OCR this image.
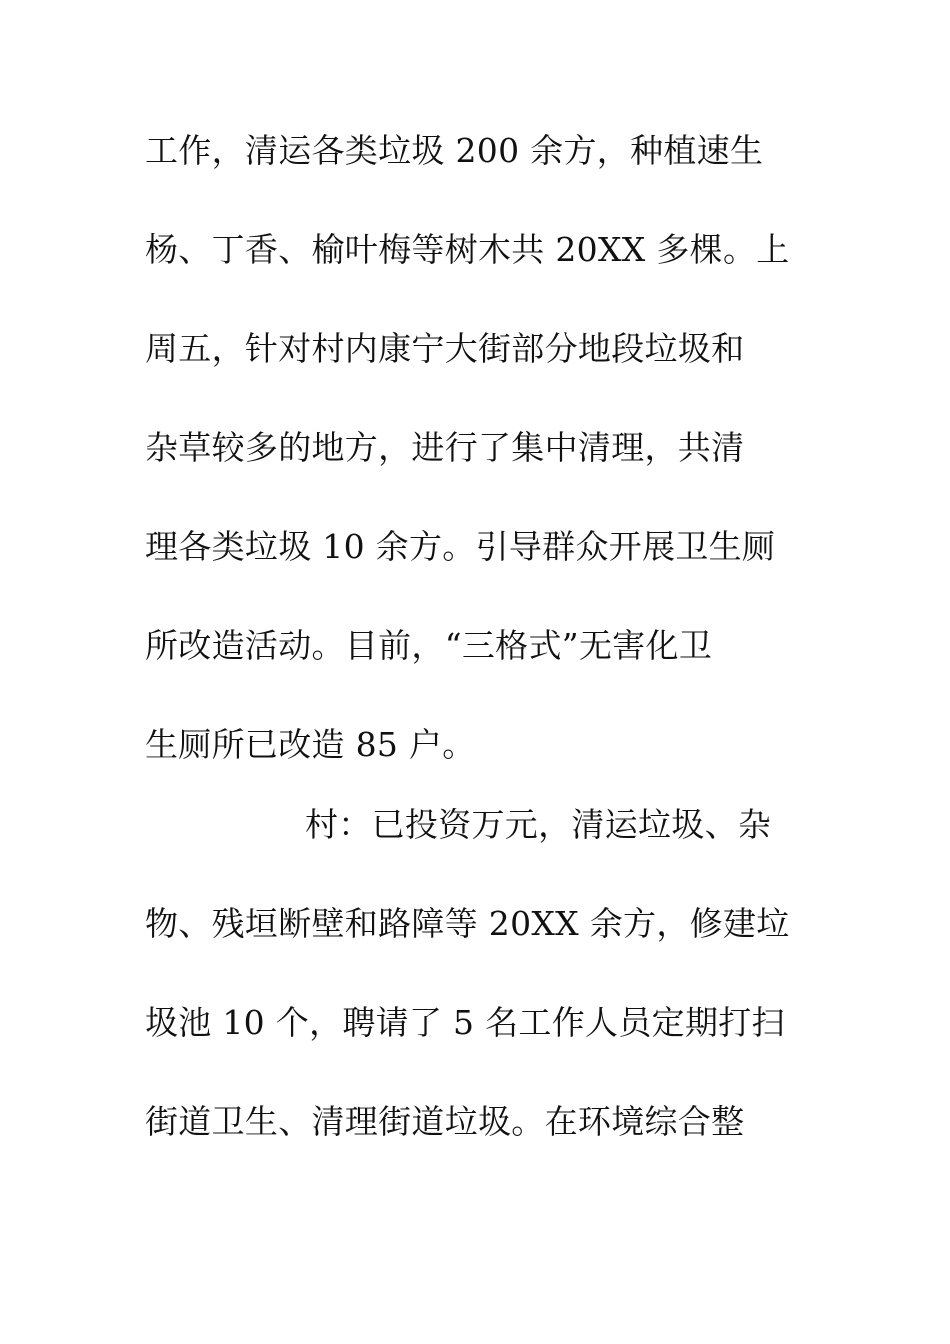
工作，清运各类垃圾 200 余方，种植速生
杨、丁香、榆叶梅等树木共 20XX 多棵。上
周五，针对村内康宁大街部分地段垃圾和
杂草较多的地方，进行了集中清理，共清
理各类垃圾 10 余方。引导群众开展卫生厕
所改造活动。目前，“三格式”无害化卫
生厕所已改造 85 户。
村：已投资万元，清运垃圾、杂
物、残垣断壁和路障等 20XX 余方，修建垃
圾池 10 个，聘请了 5 名工作人员定期打扫
街道卫生、清理街道垃圾。在环境综合整
